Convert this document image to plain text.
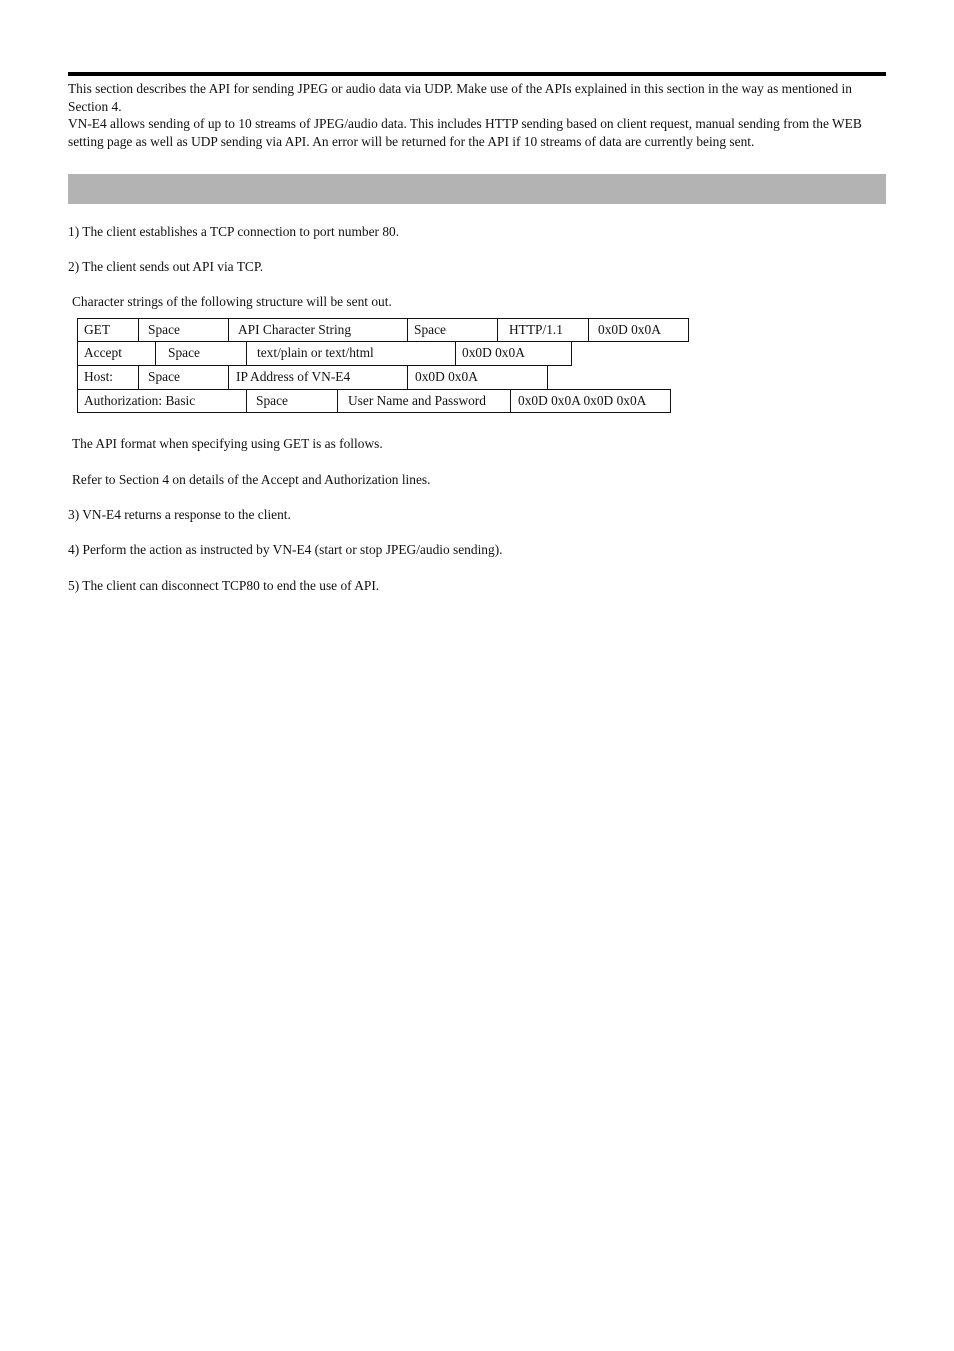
This section describes the API for sending JPEG or audio data via UDP. Make use of the APIs explained in this section in the way as mentioned in Section 4.

VN-E4 allows sending of up to 10 streams of JPEG/audio data. This includes HTTP sending based on client request, manual sending from the WEB setting page as well as UDP sending via API. An error will be returned for the API if 10 streams of data are currently being sent.

1) The client establishes a TCP connection to port number 80.
2) The client sends out API via TCP.
Character strings of the following structure will be sent out.
GET	Space	API Character String	Space	HTTP/1.1	0x0D 0x0A
Accept	Space	text/plain or text/html	0x0D 0x0A
Host:	Space	IP Address of VN-E4	0x0D 0x0A
Authorization: Basic	Space	User Name and Password	0x0D 0x0A 0x0D 0x0A
The API format when specifying using GET is as follows.
Refer to Section 4 on details of the Accept and Authorization lines.
3) VN-E4 returns a response to the client.
4) Perform the action as instructed by VN-E4 (start or stop JPEG/audio sending).
5) The client can disconnect TCP80 to end the use of API.
